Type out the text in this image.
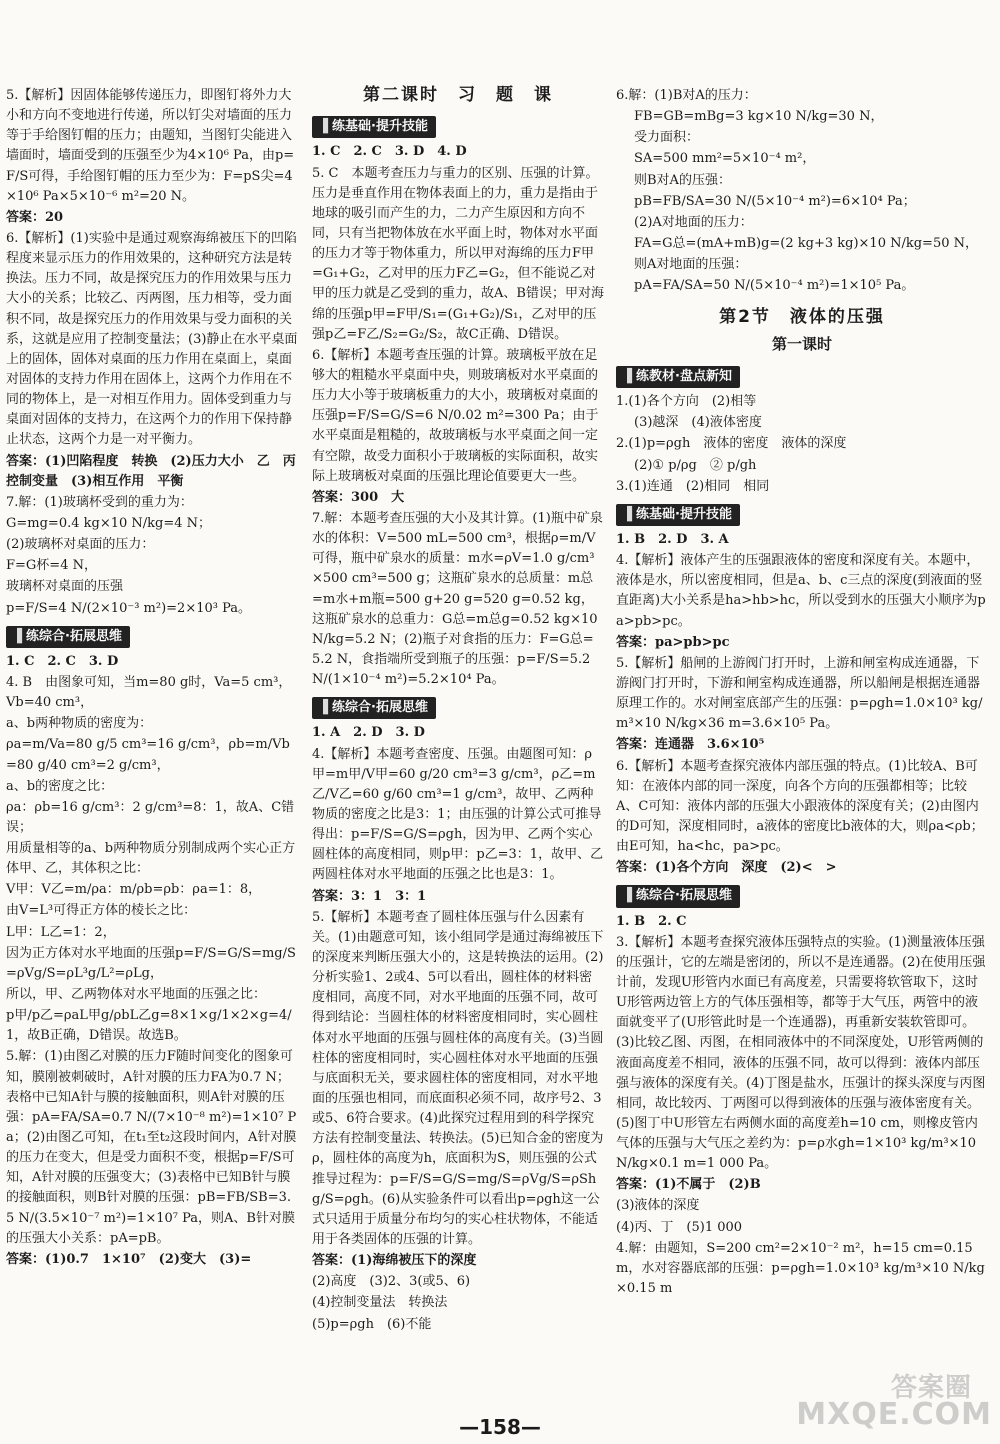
5.【解析】因固体能够传递压力，即图钉将外力大小和方向不变地进行传递，所以钉尖对墙面的压力等于手给图钉帽的压力；由题知，当图钉尖能进入墙面时，墙面受到的压强至少为4×10⁶ Pa，由p=F/S可得，手给图钉帽的压力至少为：F=pS尖=4×10⁶ Pa×5×10⁻⁶ m²=20 N。

答案：20

6.【解析】(1)实验中是通过观察海绵被压下的凹陷程度来显示压力的作用效果的，这种研究方法是转换法。压力不同，故是探究压力的作用效果与压力大小的关系；比较乙、丙两图，压力相等，受力面积不同，故是探究压力的作用效果与受力面积的关系，这就是应用了控制变量法；(3)静止在水平桌面上的固体，固体对桌面的压力作用在桌面上，桌面对固体的支持力作用在固体上，这两个力作用在不同的物体上，是一对相互作用力。固体受到重力与桌面对固体的支持力，在这两个力的作用下保持静止状态，这两个力是一对平衡力。

答案：(1)凹陷程度　转换　(2)压力大小　乙　丙　控制变量　(3)相互作用　平衡

7.解：(1)玻璃杯受到的重力为：

G=mg=0.4 kg×10 N/kg=4 N；

(2)玻璃杯对桌面的压力：

F=G杯=4 N，

玻璃杯对桌面的压强

p=F/S=4 N/(2×10⁻³ m²)=2×10³ Pa。

▐ 练综合·拓展思维

1. C　2. C　3. D

4. B　由图象可知，当m=80 g时，Va=5 cm³，Vb=40 cm³，

a、b两种物质的密度为：

ρa=m/Va=80 g/5 cm³=16 g/cm³，ρb=m/Vb=80 g/40 cm³=2 g/cm³，

a、b的密度之比：

ρa：ρb=16 g/cm³：2 g/cm³=8：1，故A、C错误；

用质量相等的a、b两种物质分别制成两个实心正方体甲、乙，其体积之比：

V甲：V乙=m/ρa：m/ρb=ρb：ρa=1：8，

由V=L³可得正方体的棱长之比：

L甲：L乙=1：2，

因为正方体对水平地面的压强p=F/S=G/S=mg/S=ρVg/S=ρL³g/L²=ρLg，

所以，甲、乙两物体对水平地面的压强之比：

p甲/p乙=ρaL甲g/ρbL乙g=8×1×g/1×2×g=4/1，故B正确，D错误。故选B。

5.解：(1)由图乙对膜的压力F随时间变化的图象可知，膜刚被刺破时，A针对膜的压力FA为0.7 N；表格中已知A针与膜的接触面积，则A针对膜的压强：pA=FA/SA=0.7 N/(7×10⁻⁸ m²)=1×10⁷ Pa；(2)由图乙可知，在t₁至t₂这段时间内，A针对膜的压力在变大，但是受力面积不变，根据p=F/S可知，A针对膜的压强变大；(3)表格中已知B针与膜的接触面积，则B针对膜的压强：pB=FB/SB=3.5 N/(3.5×10⁻⁷ m²)=1×10⁷ Pa，则A、B针对膜的压强大小关系：pA=pB。

答案：(1)0.7　1×10⁷　(2)变大　(3)=

第二课时　习　题　课
▐ 练基础·提升技能

1. C　2. C　3. D　4. D

5. C　本题考查压力与重力的区别、压强的计算。压力是垂直作用在物体表面上的力，重力是指由于地球的吸引而产生的力，二力产生原因和方向不同，只有当把物体放在水平面上时，物体对水平面的压力才等于物体重力，所以甲对海绵的压力F甲=G₁+G₂，乙对甲的压力F乙=G₂，但不能说乙对甲的压力就是乙受到的重力，故A、B错误；甲对海绵的压强p甲=F甲/S₁=(G₁+G₂)/S₁，乙对甲的压强p乙=F乙/S₂=G₂/S₂，故C正确、D错误。

6.【解析】本题考查压强的计算。玻璃板平放在足够大的粗糙水平桌面中央，则玻璃板对水平桌面的压力大小等于玻璃板重力的大小，玻璃板对桌面的压强p=F/S=G/S=6 N/0.02 m²=300 Pa；由于水平桌面是粗糙的，故玻璃板与水平桌面之间一定有空隙，故受力面积小于玻璃板的实际面积，故实际上玻璃板对桌面的压强比理论值要更大一些。

答案：300　大

7.解：本题考查压强的大小及其计算。(1)瓶中矿泉水的体积：V=500 mL=500 cm³，根据ρ=m/V可得，瓶中矿泉水的质量：m水=ρV=1.0 g/cm³×500 cm³=500 g；这瓶矿泉水的总质量：m总=m水+m瓶=500 g+20 g=520 g=0.52 kg，这瓶矿泉水的总重力：G总=m总g=0.52 kg×10 N/kg=5.2 N；(2)瓶子对食指的压力：F=G总=5.2 N，食指端所受到瓶子的压强：p=F/S=5.2 N/(1×10⁻⁴ m²)=5.2×10⁴ Pa。

▐ 练综合·拓展思维

1. A　2. D　3. D

4.【解析】本题考查密度、压强。由题图可知：ρ甲=m甲/V甲=60 g/20 cm³=3 g/cm³，ρ乙=m乙/V乙=60 g/60 cm³=1 g/cm³，故甲、乙两种物质的密度之比是3：1；由压强的计算公式可推导得出：p=F/S=G/S=ρgh，因为甲、乙两个实心圆柱体的高度相同，则p甲：p乙=3：1，故甲、乙两圆柱体对水平地面的压强之比也是3：1。

答案：3：1　3：1

5.【解析】本题考查了圆柱体压强与什么因素有关。(1)由题意可知，该小组同学是通过海绵被压下的深度来判断压强大小的，这是转换法的运用。(2)分析实验1、2或4、5可以看出，圆柱体的材料密度相同，高度不同，对水平地面的压强不同，故可得到结论：当圆柱体的材料密度相同时，实心圆柱体对水平地面的压强与圆柱体的高度有关。(3)当圆柱体的密度相同时，实心圆柱体对水平地面的压强与底面积无关，要求圆柱体的密度相同，对水平地面的压强也相同，而底面积必须不同，故序号2、3或5、6符合要求。(4)此探究过程用到的科学探究方法有控制变量法、转换法。(5)已知合金的密度为ρ，圆柱体的高度为h，底面积为S，则压强的公式推导过程为：p=F/S=G/S=mg/S=ρVg/S=ρShg/S=ρgh。(6)从实验条件可以看出p=ρgh这一公式只适用于质量分布均匀的实心柱状物体，不能适用于各类固体的压强的计算。

答案：(1)海绵被压下的深度

(2)高度　(3)2、3(或5、6)

(4)控制变量法　转换法

(5)p=ρgh　(6)不能

6.解：(1)B对A的压力：

FB=GB=mBg=3 kg×10 N/kg=30 N，

受力面积：

SA=500 mm²=5×10⁻⁴ m²，

则B对A的压强：

pB=FB/SA=30 N/(5×10⁻⁴ m²)=6×10⁴ Pa；

(2)A对地面的压力：

FA=G总=(mA+mB)g=(2 kg+3 kg)×10 N/kg=50 N，

则A对地面的压强：

pA=FA/SA=50 N/(5×10⁻⁴ m²)=1×10⁵ Pa。

第2节　液体的压强
第一课时
▐ 练教材·盘点新知

1.(1)各个方向　(2)相等

(3)越深　(4)液体密度

2.(1)p=ρgh　液体的密度　液体的深度

(2)① p/ρg　② p/gh

3.(1)连通　(2)相同　相同

▐ 练基础·提升技能

1. B　2. D　3. A

4.【解析】液体产生的压强跟液体的密度和深度有关。本题中，液体是水，所以密度相同，但是a、b、c三点的深度(到液面的竖直距离)大小关系是ha>hb>hc，所以受到水的压强大小顺序为pa>pb>pc。

答案：pa>pb>pc

5.【解析】船闸的上游阀门打开时，上游和闸室构成连通器，下游阀门打开时，下游和闸室构成连通器，所以船闸是根据连通器原理工作的。水对闸室底部产生的压强：p=ρgh=1.0×10³ kg/m³×10 N/kg×36 m=3.6×10⁵ Pa。

答案：连通器　3.6×10⁵

6.【解析】本题考查探究液体内部压强的特点。(1)比较A、B可知：在液体内部的同一深度，向各个方向的压强都相等；比较A、C可知：液体内部的压强大小跟液体的深度有关；(2)由图内的D可知，深度相同时，a液体的密度比b液体的大，则ρa<ρb；由E可知，ha<hc，pa>pc。

答案：(1)各个方向　深度　(2)<　>

▐ 练综合·拓展思维

1. B　2. C

3.【解析】本题考查探究液体压强特点的实验。(1)测量液体压强的压强计，它的左端是密闭的，所以不是连通器。(2)在使用压强计前，发现U形管内水面已有高度差，只需要将软管取下，这时U形管两边管上方的气体压强相等，都等于大气压，两管中的液面就变平了(U形管此时是一个连通器)，再重新安装软管即可。(3)比较乙图、丙图，在相同液体中的不同深度处，U形管两侧的液面高度差不相同，液体的压强不同，故可以得到：液体内部压强与液体的深度有关。(4)丁图是盐水，压强计的探头深度与丙图相同，故比较丙、丁两图可以得到液体的压强与液体密度有关。(5)图丁中U形管左右两侧水面的高度差h=10 cm，则橡皮管内气体的压强与大气压之差约为：p=ρ水gh=1×10³ kg/m³×10 N/kg×0.1 m=1 000 Pa。

答案：(1)不属于　(2)B

(3)液体的深度

(4)丙、丁　(5)1 000

4.解：由题知，S=200 cm²=2×10⁻² m²，h=15 cm=0.15 m，水对容器底部的压强：p=ρgh=1.0×10³ kg/m³×10 N/kg×0.15 m

—158—
答案圈
MXQE.COM
